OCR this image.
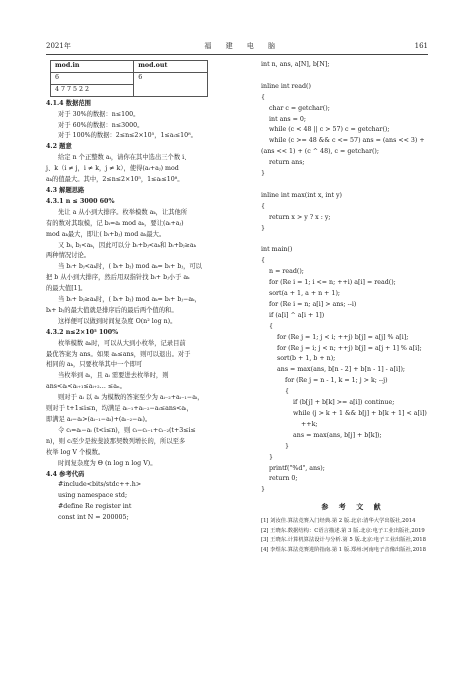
2021年	福 建 电 脑	161
mod.in	mod.out
6	6
4 7 7 5 2 2	

4.1.4 数据范围

对于 30%的数据：n≤100。

对于 60%的数据：n≤3000。

对于 100%的数据：2≤n≤2×10⁵，1≤aᵢ≤10⁸。

4.2 题意

给定 n 个正整数 aᵢ，请你在其中选出三个数 i、

j、k（i ≠ j，i ≠ k，j ≠ k），使得(aᵢ+aⱼ) mod

aₖ的值最大。其中，2≤n≤2×10⁵，1≤aᵢ≤10⁸。

4.3 解题思路

4.3.1 n ≤ 3000 60%

先让 a 从小到大排序。枚举模数 aₖ，让其他所

有的数对其取模，记 bᵢ=aᵢ mod aₖ，要让(aᵢ+aⱼ)

mod aₖ最大，即让( bᵢ+bⱼ) mod aₖ最大。

又 bᵢ, bⱼ<aₖ，因此可以分 bᵢ+bⱼ<aₖ和 bᵢ+bⱼ≥aₖ

两种情况讨论。

当 bᵢ+ bⱼ<aₖ时，( bᵢ+ bⱼ) mod aₖ= bᵢ+ bⱼ，可以

把 b 从小到大排序，然后用双指针找 bᵢ+ bⱼ小于 aₖ

的最大值[1]。

当 bᵢ+ bⱼ≥aₖ时，( bᵢ+ bⱼ) mod aₖ= bᵢ+ bⱼ−aₖ，

bᵢ+ bⱼ的最大值就是排序后的最后两个值的和。

这样便可以做到时间复杂度 O(n² log n)。

4.3.2 n≤2×10⁵ 100%

枚举模数 aₖ时，可以从大到小枚举，记录目前

最优答案为 ans。如果 aₖ≤ans，则可以退出。对于

相同的 aₖ，只要枚举其中一个即可

当枚举到 aᵢ，且 aᵢ 需要进去枚举时，则

ans<aᵢ<aᵢ₊₁≤aᵢ₊₂… ≤aₙ。

则对于 aᵢ 以 aᵢ 为模数的答案至少为 aᵢ₋₂+aᵢ₋₁−aᵢ，

则对于 t+1≤i≤n，均满足 aᵢ₋₁+aᵢ₋₂−aᵢ≤ans<aᵢ，

即满足 aᵢ−aᵢ>(aᵢ₋₁−aᵢ)+(aᵢ₋₂−aᵢ)。

令 cᵢ=aᵢ−aᵢ (t<i≤n)，则 cᵢ−cᵢ₋₁+cᵢ₋₂(t+3≤i≤

n)，则 cᵢ至少是按斐波那契数列增长的，所以至多

枚举 log V 个模数。

时间复杂度为 Θ (n log n log V)。

4.4 参考代码

#include<bits/stdc++.h>

using namespace std;

#define Re register int

const int N = 200005;

int n, ans, a[N], b[N];

inline int read()
{
char c = getchar();
int ans = 0;
while (c < 48 || c > 57) c = getchar();
while (c >= 48 && c <= 57) ans = (ans << 3) +
(ans << 1) + (c ^ 48), c = getchar();
return ans;
}

inline int max(int x, int y)
{
return x > y ? x : y;
}

int main()
{
n = read();
for (Re i = 1; i <= n; ++i) a[i] = read();
sort(a + 1, a + n + 1);
for (Re i = n; a[i] > ans; --i)
if (a[i] ^ a[i + 1])
{
for (Re j = 1; j < i; ++j) b[j] = a[j] % a[i];
for (Re j = i; j < n; ++j) b[j] = a[j + 1] % a[i];
sort(b + 1, b + n);
ans = max(ans, b[n - 2] + b[n - 1] - a[i]);
for (Re j = n - 1, k = 1; j > k; --j)
{
if (b[j] + b[k] >= a[i]) continue;
while (j > k + 1 && b[j] + b[k + 1] < a[i])
++k;
ans = max(ans, b[j] + b[k]);
}
}
printf("%d", ans);
return 0;
}
参 考 文 献
[1] 刘汝佳.算法竞赛入门经典.第 2 版.北京:清华大学出版社,2014
[2] 王晓东.数据结构：C语言描述.第 3 版.北京:电子工业出版社,2019
[3] 王晓东.计算机算法设计与分析.第 5 版.北京:电子工业出版社,2018
[4] 李煜东.算法竞赛进阶指南.第 1 版.郑州:河南电子音像出版社,2018
